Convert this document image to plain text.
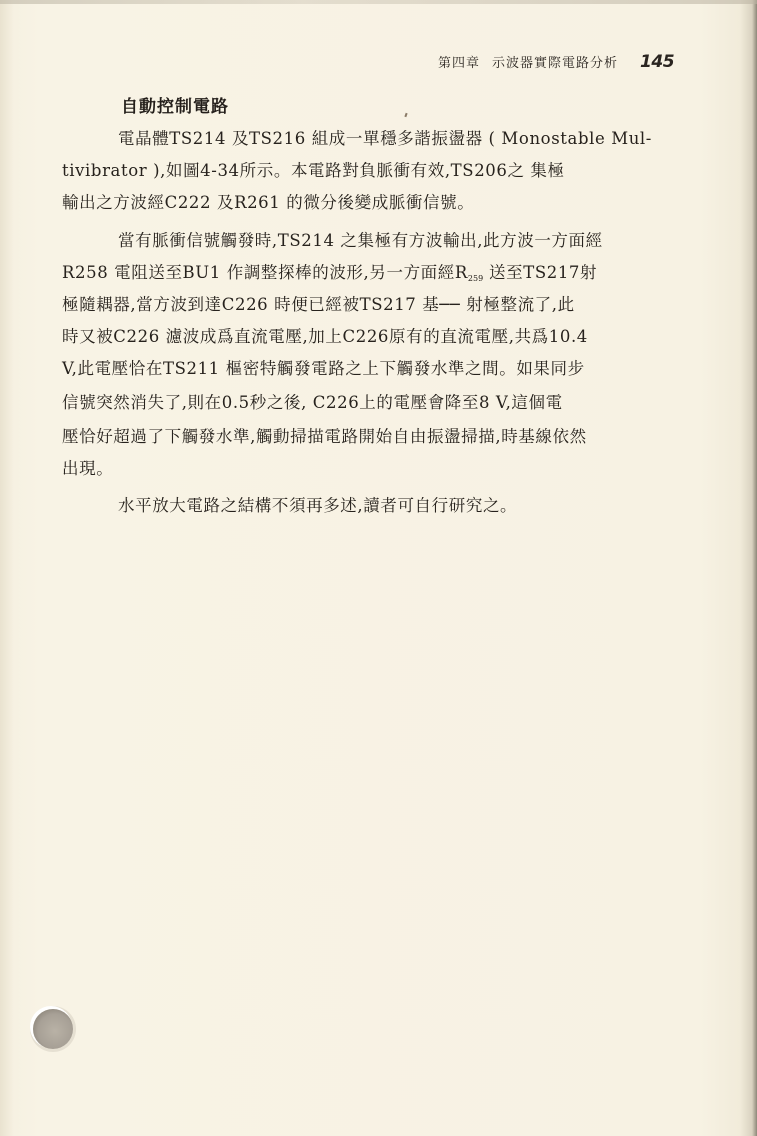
第四章 示波器實際電路分析 145
自動控制電路
電晶體TS214 及TS216 組成一單穩多諧振盪器 ( Monostable Mul-
tivibrator ),如圖4-34所示。本電路對負脈衝有效,TS206之 集極
輸出之方波經C222 及R261 的微分後變成脈衝信號。
當有脈衝信號觸發時,TS214 之集極有方波輸出,此方波一方面經
R258 電阻送至BU1 作調整探棒的波形,另一方面經$R_{259}$ 送至TS217射
極隨耦器,當方波到達C226 時便已經被TS217 基── 射極整流了,此
時又被C226 濾波成爲直流電壓,加上C226原有的直流電壓,共爲10.4
V,此電壓恰在TS211 樞密特觸發電路之上下觸發水準之間。如果同步
信號突然消失了,則在0.5秒之後, C226上的電壓會降至8 V,這個電
壓恰好超過了下觸發水準,觸動掃描電路開始自由振盪掃描,時基線依然
出現。
水平放大電路之結構不須再多述,讀者可自行研究之。
